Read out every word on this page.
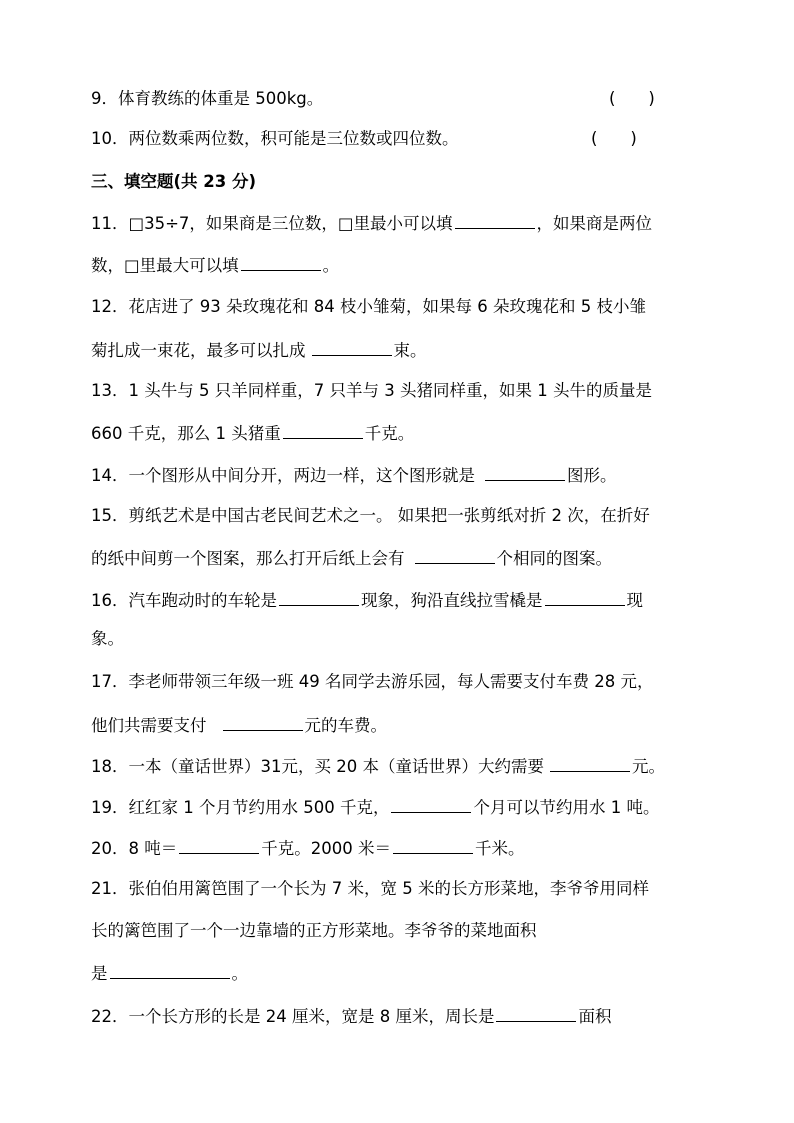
9．体育教练的体重是 500kg。	(　　)
10．两位数乘两位数，积可能是三位数或四位数。	(　　)
三、填空题(共 23 分)
11．□35÷7，如果商是三位数，□里最小可以填	，如果商是两位
数，□里最大可以填	。
12．花店进了 93 朵玫瑰花和 84 枝小雏菊，如果每 6 朵玫瑰花和 5 枝小雏
菊扎成一束花，最多可以扎成	束。
13．1 头牛与 5 只羊同样重，7 只羊与 3 头猪同样重，如果 1 头牛的质量是
660 千克，那么 1 头猪重	千克。
14．一个图形从中间分开，两边一样，这个图形就是	图形。
15．剪纸艺术是中国古老民间艺术之一。 如果把一张剪纸对折 2 次，在折好
的纸中间剪一个图案，那么打开后纸上会有	个相同的图案。
16．汽车跑动时的车轮是	现象，狗沿直线拉雪橇是	现
象。
17．李老师带领三年级一班 49 名同学去游乐园，每人需要支付车费 28 元，
他们共需要支付	元的车费。
18．一本（童话世界）31元，买 20 本（童话世界）大约需要	元。
19．红红家 1 个月节约用水 500 千克，	个月可以节约用水 1 吨。
20．8 吨＝	千克。2000 米＝	千米。
21．张伯伯用篱笆围了一个长为 7 米，宽 5 米的长方形菜地，李爷爷用同样
长的篱笆围了一个一边靠墙的正方形菜地。李爷爷的菜地面积
是	。
22．一个长方形的长是 24 厘米，宽是 8 厘米，周长是	面积
